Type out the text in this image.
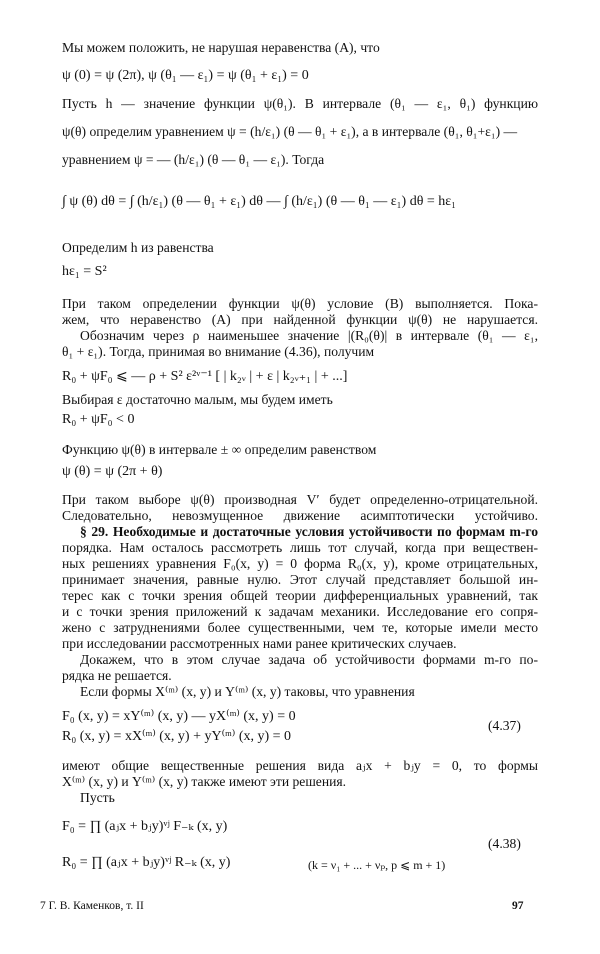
Мы можем положить, не нарушая неравенства (A), что
ψ (0) = ψ (2π), ψ (θ₁ — ε₁) = ψ (θ₁ + ε₁) = 0
Пусть h — значение функции ψ(θ₁). В интервале (θ₁ — ε₁, θ₁) функцию
ψ(θ) определим уравнением ψ = (h/ε₁) (θ — θ₁ + ε₁), а в интервале (θ₁, θ₁+ε₁) —
уравнением ψ = — (h/ε₁) (θ — θ₁ — ε₁). Тогда
∫ ψ (θ) dθ = ∫ (h/ε₁) (θ — θ₁ + ε₁) dθ — ∫ (h/ε₁) (θ — θ₁ — ε₁) dθ = hε₁
Определим h из равенства
hε₁ = S²
При таком определении функции ψ(θ) условие (B) выполняется. Пока-
жем, что неравенство (A) при найденной функции ψ(θ) не нарушается.
Обозначим через ρ наименьшее значение |(R₀(θ)| в интервале (θ₁ — ε₁,
θ₁ + ε₁). Тогда, принимая во внимание (4.36), получим
R₀ + ψF₀ ⩽ — ρ + S² ε²ᵛ⁻¹ [ | k₂ᵥ | + ε | k₂ᵥ₊₁ | + ...]
Выбирая ε достаточно малым, мы будем иметь
R₀ + ψF₀ < 0
Функцию ψ(θ) в интервале ± ∞ определим равенством
ψ (θ) = ψ (2π + θ)
При таком выборе ψ(θ) производная V′ будет определенно-отрицательной.
Следовательно, невозмущенное движение асимптотически устойчиво.
§ 29. Необходимые и достаточные условия устойчивости по формам m-го
порядка. Нам осталось рассмотреть лишь тот случай, когда при веществен-
ных решениях уравнения F₀(x, y) = 0 форма R₀(x, y), кроме отрицательных,
принимает значения, равные нулю. Этот случай представляет большой ин-
терес как с точки зрения общей теории дифференциальных уравнений, так
и с точки зрения приложений к задачам механики. Исследование его сопря-
жено с затруднениями более существенными, чем те, которые имели место
при исследовании рассмотренных нами ранее критических случаев.
Докажем, что в этом случае задача об устойчивости формами m-го по-
рядка не решается.
Если формы X⁽ᵐ⁾ (x, y) и Y⁽ᵐ⁾ (x, y) таковы, что уравнения
F₀ (x, y) = xY⁽ᵐ⁾ (x, y) — yX⁽ᵐ⁾ (x, y) = 0
R₀ (x, y) = xX⁽ᵐ⁾ (x, y) + yY⁽ᵐ⁾ (x, y) = 0
(4.37)
имеют общие вещественные решения вида aⱼx + bⱼy = 0, то формы
X⁽ᵐ⁾ (x, y) и Y⁽ᵐ⁾ (x, y) также имеют эти решения.
Пусть
F₀ = ∏ (aⱼx + bⱼy)ᵛʲ F₋ₖ (x, y)
R₀ = ∏ (aⱼx + bⱼy)ᵛʲ R₋ₖ (x, y)	(k = ν₁ + ... + νₚ, p ⩽ m + 1)
(4.38)
7 Г. В. Каменков, т. II	97
